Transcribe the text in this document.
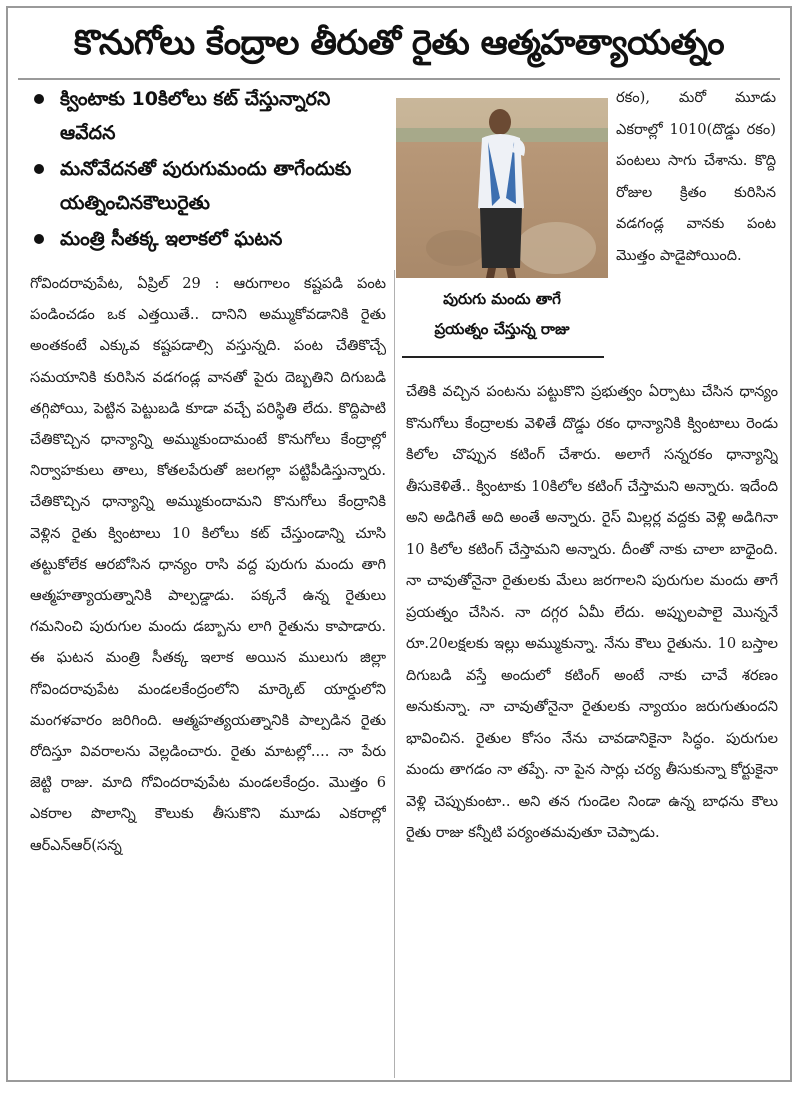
కొనుగోలు కేంద్రాల తీరుతో రైతు ఆత్మహత్యాయత్నం
క్వింటాకు 10కిలోలు కట్ చేస్తున్నారని ఆవేదన
మనోవేదనతో పురుగుమందు తాగేందుకు యత్నించినకౌలురైతు
మంత్రి సీతక్క ఇలాకలో ఘటన
పురుగు మందు తాగే
ప్రయత్నం చేస్తున్న రాజు

గోవిందరావుపేట, ఏప్రిల్ 29 : ఆరుగాలం కష్టపడి పంట పండించడం ఒక ఎత్తయితే.. దానిని అమ్ముకోవడానికి రైతు అంతకంటే ఎక్కువ కష్టపడాల్సి వస్తున్నది. పంట చేతికొచ్చే సమయానికి కురిసిన వడగండ్ల వానతో పైరు దెబ్బతిని దిగుబడి తగ్గిపోయి, పెట్టిన పెట్టుబడి కూడా వచ్చే పరిస్థితి లేదు. కొద్దిపాటి చేతికొచ్చిన ధాన్యాన్ని అమ్ముకుందామంటే కొనుగోలు కేంద్రాల్లో నిర్వాహకులు తాలు, కోతలపేరుతో జలగల్లా పట్టిపీడిస్తున్నారు. చేతికొచ్చిన ధాన్యాన్ని అమ్ముకుందామని కొనుగోలు కేంద్రానికి వెళ్లిన రైతు క్వింటాలు 10 కిలోలు కట్ చేస్తుండాన్ని చూసి తట్టుకోలేక ఆరబోసిన ధాన్యం రాసి వద్ద పురుగు మందు తాగి ఆత్మహత్యాయత్నానికి పాల్పడ్డాడు. పక్కనే ఉన్న రైతులు గమనించి పురుగుల మందు డబ్బాను లాగి రైతును కాపాడారు. ఈ ఘటన మంత్రి సీతక్క ఇలాక అయిన ములుగు జిల్లా గోవిందరావుపేట మండలకేంద్రంలోని మార్కెట్ యార్డులోని మంగళవారం జరిగింది. ఆత్మహత్యయత్నానికి పాల్పడిన రైతు రోదిస్తూ వివరాలను వెల్లడించారు. రైతు మాటల్లో.... నా పేరు జెట్టి రాజు. మాది గోవిందరావుపేట మండలకేంద్రం. మొత్తం 6 ఎకరాల పొలాన్ని కౌలుకు తీసుకొని మూడు ఎకరాల్లో ఆర్ఎన్ఆర్(సన్న

రకం), మరో మూడు ఎకరాల్లో 1010(దొడ్డు రకం) పంటలు సాగు చేశాను. కొద్ది రోజుల క్రితం కురిసిన వడగండ్ల వానకు పంట మొత్తం పాడైపోయింది.

చేతికి వచ్చిన పంటను పట్టుకొని ప్రభుత్వం ఏర్పాటు చేసిన ధాన్యం కొనుగోలు కేంద్రాలకు వెళితే దొడ్డు రకం ధాన్యానికి క్వింటాలు రెండు కిలోల చొప్పున కటింగ్ చేశారు. అలాగే సన్నరకం ధాన్యాన్ని తీసుకెళితే.. క్వింటాకు 10కిలోల కటింగ్ చేస్తామని అన్నారు. ఇదేంది అని అడిగితే అది అంతే అన్నారు. రైస్ మిల్లర్ల వద్దకు వెళ్లి అడిగినా 10 కిలోల కటింగ్ చేస్తామని అన్నారు. దీంతో నాకు చాలా బాధైంది. నా చావుతోనైనా రైతులకు మేలు జరగాలని పురుగుల మందు తాగే ప్రయత్నం చేసిన. నా దగ్గర ఏమీ లేదు. అప్పులపాలై మొన్ననే రూ.20లక్షలకు ఇల్లు అమ్ముకున్నా. నేను కౌలు రైతును. 10 బస్తాల దిగుబడి వస్తే అందులో కటింగ్ అంటే నాకు చావే శరణం అనుకున్నా. నా చావుతోనైనా రైతులకు న్యాయం జరుగుతుందని భావించిన. రైతుల కోసం నేను చావడానికైనా సిద్ధం. పురుగుల మందు తాగడం నా తప్పే. నా పైన సార్లు చర్య తీసుకున్నా కోర్టుకైనా వెళ్లి చెప్పుకుంటా.. అని తన గుండెల నిండా ఉన్న బాధను కౌలు రైతు రాజు కన్నీటి పర్యంతమవుతూ చెప్పాడు.
